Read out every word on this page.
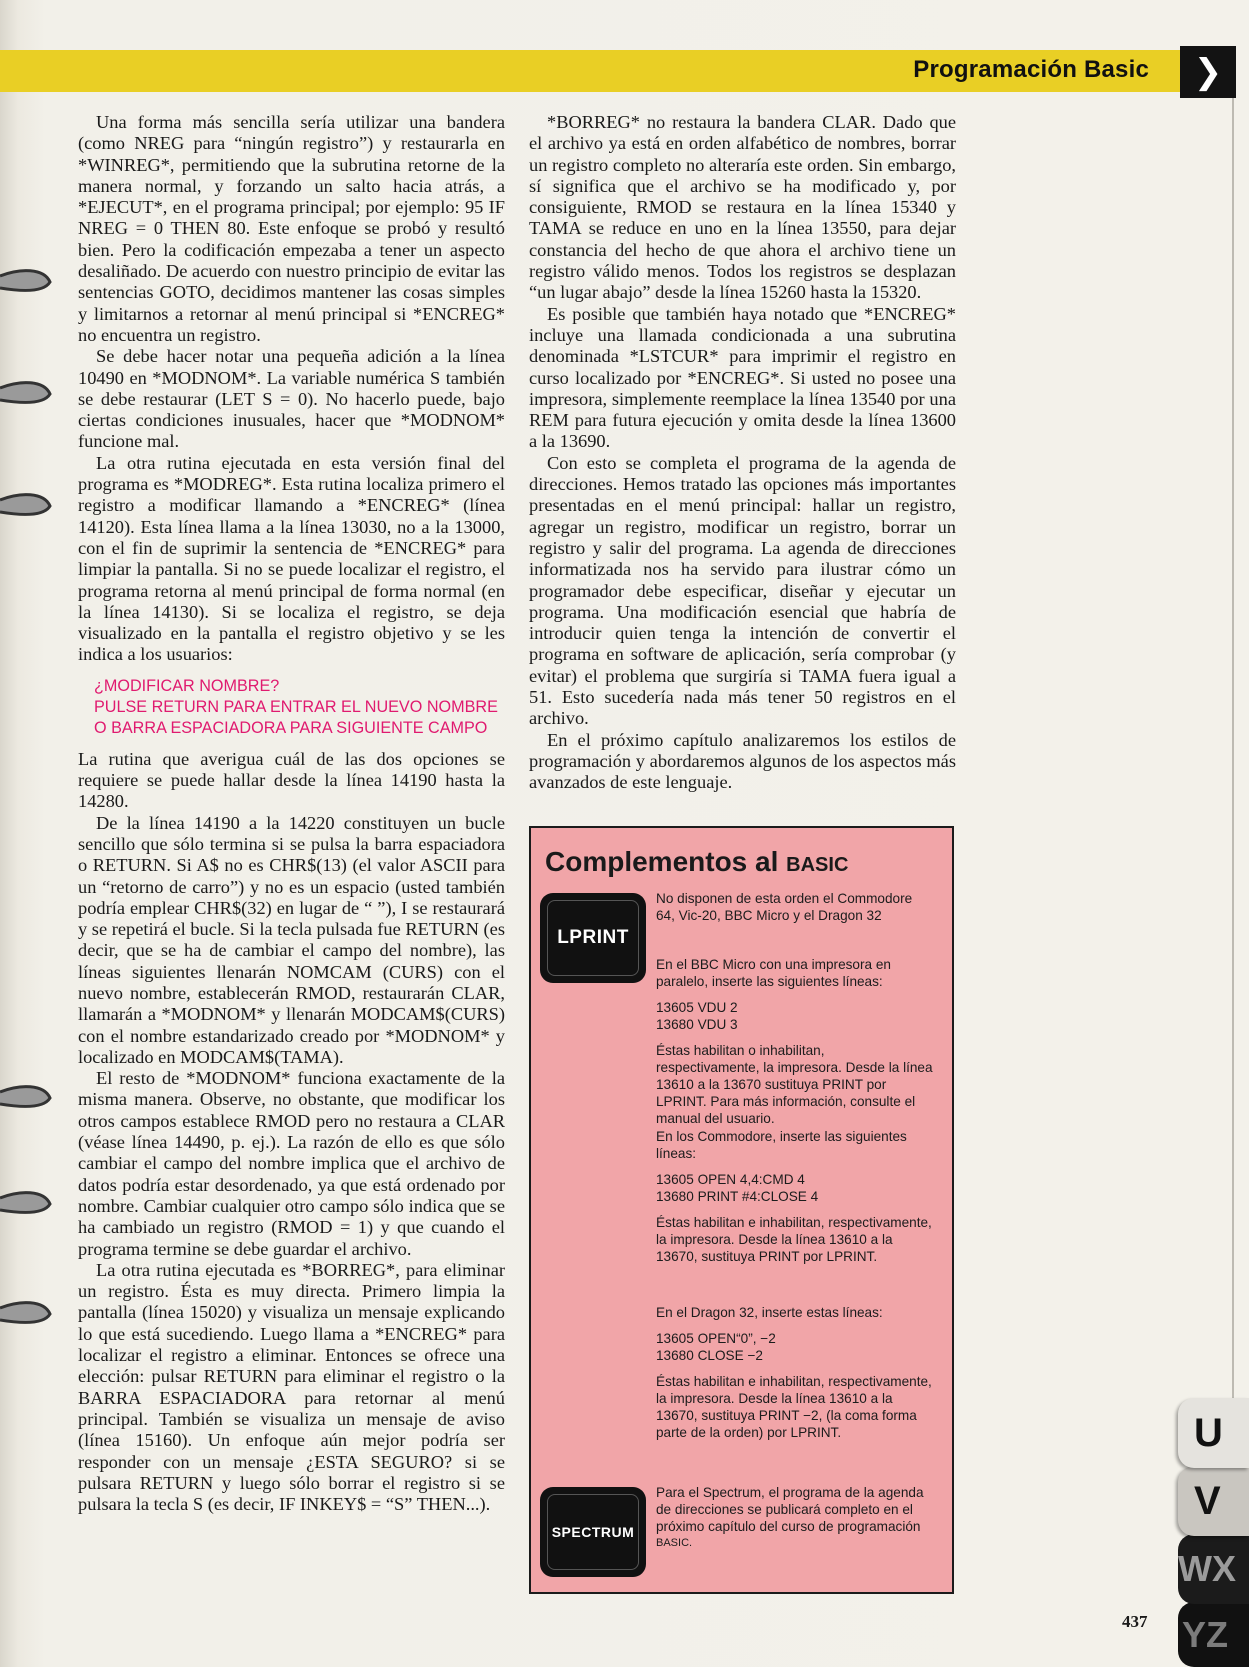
Programación Basic	❯

Una forma más sencilla sería utilizar una bandera (como NREG para “ningún registro”) y restaurarla en *WINREG*, permitiendo que la subrutina retorne de la manera normal, y forzando un salto hacia atrás, a *EJECUT*, en el programa principal; por ejemplo: 95 IF NREG = 0 THEN 80. Este enfoque se probó y resultó bien. Pero la codificación empezaba a tener un aspecto desaliñado. De acuerdo con nuestro principio de evitar las sentencias GOTO, decidimos mantener las cosas simples y limitarnos a retornar al menú principal si *ENCREG* no encuentra un registro.

Se debe hacer notar una pequeña adición a la línea 10490 en *MODNOM*. La variable numérica S también se debe restaurar (LET S = 0). No hacerlo puede, bajo ciertas condiciones inusuales, hacer que *MODNOM* funcione mal.

La otra rutina ejecutada en esta versión final del programa es *MODREG*. Esta rutina localiza primero el registro a modificar llamando a *ENCREG* (línea 14120). Esta línea llama a la línea 13030, no a la 13000, con el fin de suprimir la sentencia de *ENCREG* para limpiar la pantalla. Si no se puede localizar el registro, el programa retorna al menú principal de forma normal (en la línea 14130). Si se localiza el registro, se deja visualizado en la pantalla el registro objetivo y se les indica a los usuarios:

¿MODIFICAR NOMBRE?
PULSE RETURN PARA ENTRAR EL NUEVO NOMBRE
O BARRA ESPACIADORA PARA SIGUIENTE CAMPO

La rutina que averigua cuál de las dos opciones se requiere se puede hallar desde la línea 14190 hasta la 14280.

De la línea 14190 a la 14220 constituyen un bucle sencillo que sólo termina si se pulsa la barra espaciadora o RETURN. Si A$ no es CHR$(13) (el valor ASCII para un “retorno de carro”) y no es un espacio (usted también podría emplear CHR$(32) en lugar de “ ”), I se restaurará y se repetirá el bucle. Si la tecla pulsada fue RETURN (es decir, que se ha de cambiar el campo del nombre), las líneas siguientes llenarán NOMCAM (CURS) con el nuevo nombre, establecerán RMOD, restaurarán CLAR, llamarán a *MODNOM* y llenarán MODCAM$(CURS) con el nombre estandarizado creado por *MODNOM* y localizado en MODCAM$(TAMA).

El resto de *MODNOM* funciona exactamente de la misma manera. Observe, no obstante, que modificar los otros campos establece RMOD pero no restaura a CLAR (véase línea 14490, p. ej.). La razón de ello es que sólo cambiar el campo del nombre implica que el archivo de datos podría estar desordenado, ya que está ordenado por nombre. Cambiar cualquier otro campo sólo indica que se ha cambiado un registro (RMOD = 1) y que cuando el programa termine se debe guardar el archivo.

La otra rutina ejecutada es *BORREG*, para eliminar un registro. Ésta es muy directa. Primero limpia la pantalla (línea 15020) y visualiza un mensaje explicando lo que está sucediendo. Luego llama a *ENCREG* para localizar el registro a eliminar. Entonces se ofrece una elección: pulsar RETURN para eliminar el registro o la BARRA ESPACIADORA para retornar al menú principal. También se visualiza un mensaje de aviso (línea 15160). Un enfoque aún mejor podría ser responder con un mensaje ¿ESTA SEGURO? si se pulsara RETURN y luego sólo borrar el registro si se pulsara la tecla S (es decir, IF INKEY$ = “S” THEN...).

*BORREG* no restaura la bandera CLAR. Dado que el archivo ya está en orden alfabético de nombres, borrar un registro completo no alteraría este orden. Sin embargo, sí significa que el archivo se ha modificado y, por consiguiente, RMOD se restaura en la línea 15340 y TAMA se reduce en uno en la línea 13550, para dejar constancia del hecho de que ahora el archivo tiene un registro válido menos. Todos los registros se desplazan “un lugar abajo” desde la línea 15260 hasta la 15320.

Es posible que también haya notado que *ENCREG* incluye una llamada condicionada a una subrutina denominada *LSTCUR* para imprimir el registro en curso localizado por *ENCREG*. Si usted no posee una impresora, simplemente reemplace la línea 13540 por una REM para futura ejecución y omita desde la línea 13600 a la 13690.

Con esto se completa el programa de la agenda de direcciones. Hemos tratado las opciones más importantes presentadas en el menú principal: hallar un registro, agregar un registro, modificar un registro, borrar un registro y salir del programa. La agenda de direcciones informatizada nos ha servido para ilustrar cómo un programador debe especificar, diseñar y ejecutar un programa. Una modificación esencial que habría de introducir quien tenga la intención de convertir el programa en software de aplicación, sería comprobar (y evitar) el problema que surgiría si TAMA fuera igual a 51. Esto sucedería nada más tener 50 registros en el archivo.

En el próximo capítulo analizaremos los estilos de programación y abordaremos algunos de los aspectos más avanzados de este lenguaje.

Complementos al BASIC
LPRINT
No disponen de esta orden el Commodore
64, Vic-20, BBC Micro y el Dragon 32
En el BBC Micro con una impresora en
paralelo, inserte las siguientes líneas:
13605 VDU 2
13680 VDU 3
Éstas habilitan o inhabilitan,
respectivamente, la impresora. Desde la línea
13610 a la 13670 sustituya PRINT por
LPRINT. Para más información, consulte el
manual del usuario.
En los Commodore, inserte las siguientes
líneas:
13605 OPEN 4,4:CMD 4
13680 PRINT #4:CLOSE 4
Éstas habilitan e inhabilitan, respectivamente,
la impresora. Desde la línea 13610 a la
13670, sustituya PRINT por LPRINT.
En el Dragon 32, inserte estas líneas:
13605 OPEN“0”, −2
13680 CLOSE −2
Éstas habilitan e inhabilitan, respectivamente,
la impresora. Desde la línea 13610 a la
13670, sustituya PRINT −2, (la coma forma
parte de la orden) por LPRINT.
SPECTRUM
Para el Spectrum, el programa de la agenda
de direcciones se publicará completo en el
próximo capítulo del curso de programación
BASIC.
YZ
WX
V
U
437
